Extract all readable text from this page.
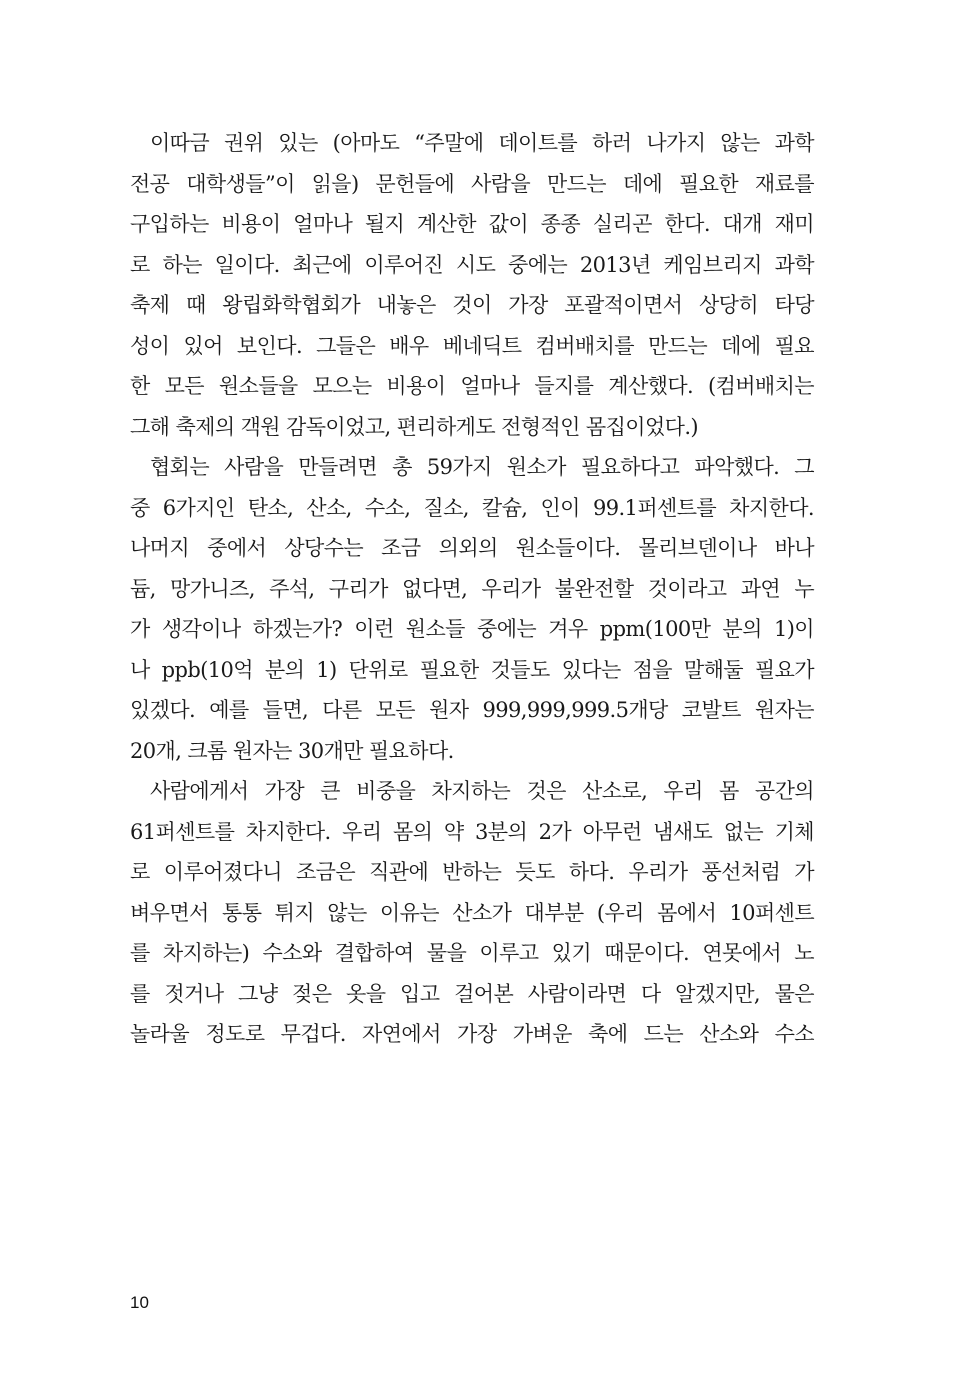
이따금 권위 있는 (아마도 “주말에 데이트를 하러 나가지 않는 과학
전공 대학생들”이 읽을) 문헌들에 사람을 만드는 데에 필요한 재료를
구입하는 비용이 얼마나 될지 계산한 값이 종종 실리곤 한다. 대개 재미
로 하는 일이다. 최근에 이루어진 시도 중에는 2013년 케임브리지 과학
축제 때 왕립화학협회가 내놓은 것이 가장 포괄적이면서 상당히 타당
성이 있어 보인다. 그들은 배우 베네딕트 컴버배치를 만드는 데에 필요
한 모든 원소들을 모으는 비용이 얼마나 들지를 계산했다. (컴버배치는
그해 축제의 객원 감독이었고, 편리하게도 전형적인 몸집이었다.)
협회는 사람을 만들려면 총 59가지 원소가 필요하다고 파악했다. 그
중 6가지인 탄소, 산소, 수소, 질소, 칼슘, 인이 99.1퍼센트를 차지한다.
나머지 중에서 상당수는 조금 의외의 원소들이다. 몰리브덴이나 바나
듐, 망가니즈, 주석, 구리가 없다면, 우리가 불완전할 것이라고 과연 누
가 생각이나 하겠는가? 이런 원소들 중에는 겨우 ppm(100만 분의 1)이
나 ppb(10억 분의 1) 단위로 필요한 것들도 있다는 점을 말해둘 필요가
있겠다. 예를 들면, 다른 모든 원자 999,999,999.5개당 코발트 원자는
20개, 크롬 원자는 30개만 필요하다.
사람에게서 가장 큰 비중을 차지하는 것은 산소로, 우리 몸 공간의
61퍼센트를 차지한다. 우리 몸의 약 3분의 2가 아무런 냄새도 없는 기체
로 이루어졌다니 조금은 직관에 반하는 듯도 하다. 우리가 풍선처럼 가
벼우면서 통통 튀지 않는 이유는 산소가 대부분 (우리 몸에서 10퍼센트
를 차지하는) 수소와 결합하여 물을 이루고 있기 때문이다. 연못에서 노
를 젓거나 그냥 젖은 옷을 입고 걸어본 사람이라면 다 알겠지만, 물은
놀라울 정도로 무겁다. 자연에서 가장 가벼운 축에 드는 산소와 수소
10
